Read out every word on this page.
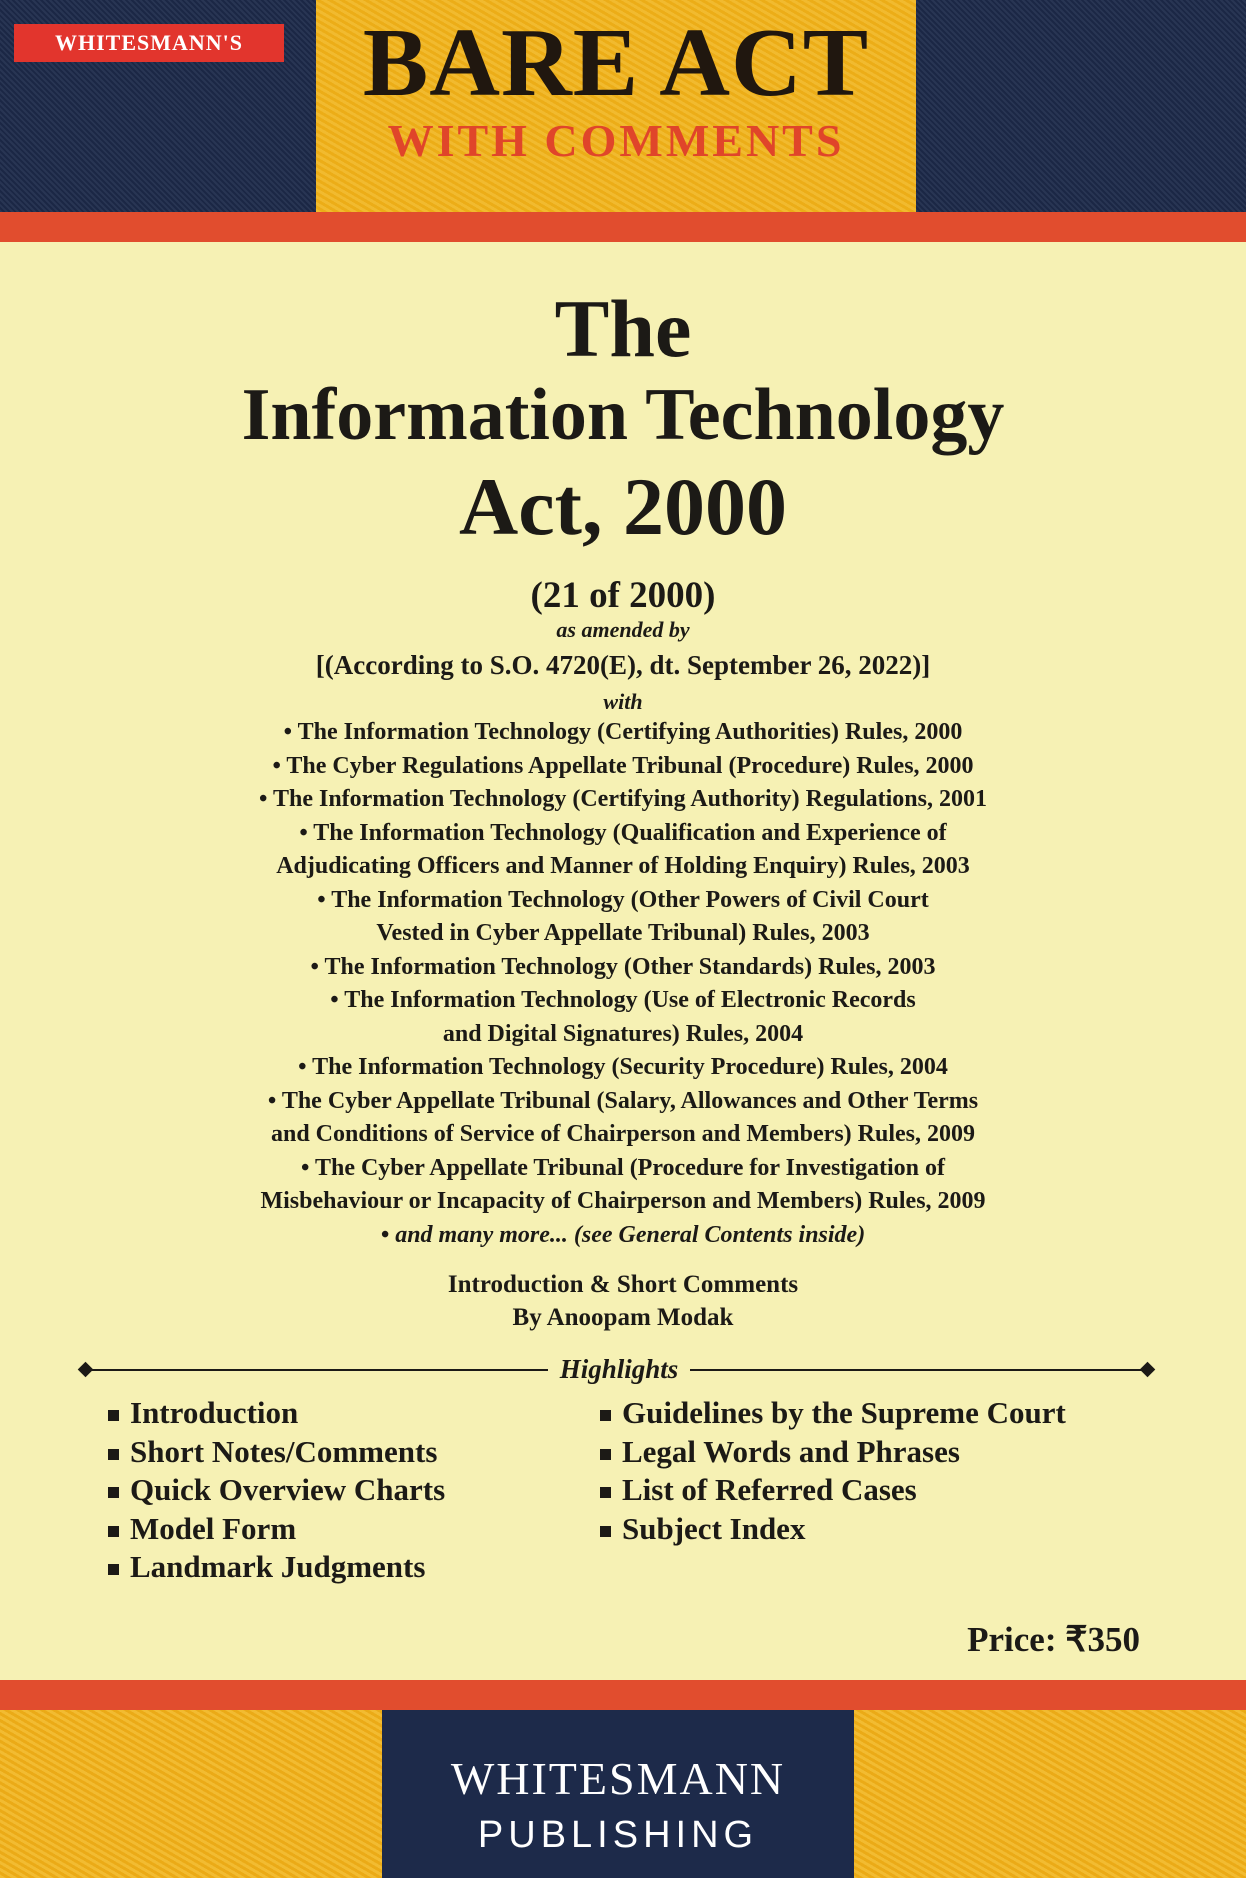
WHITESMANN'S	BARE ACT
WITH COMMENTS
The
Information Technology
Act, 2000
(21 of 2000)
as amended by
[(According to S.O. 4720(E), dt. September 26, 2022)]
with
• The Information Technology (Certifying Authorities) Rules, 2000
• The Cyber Regulations Appellate Tribunal (Procedure) Rules, 2000
• The Information Technology (Certifying Authority) Regulations, 2001
• The Information Technology (Qualification and Experience of
Adjudicating Officers and Manner of Holding Enquiry) Rules, 2003
• The Information Technology (Other Powers of Civil Court
Vested in Cyber Appellate Tribunal) Rules, 2003
• The Information Technology (Other Standards) Rules, 2003
• The Information Technology (Use of Electronic Records
and Digital Signatures) Rules, 2004
• The Information Technology (Security Procedure) Rules, 2004
• The Cyber Appellate Tribunal (Salary, Allowances and Other Terms
and Conditions of Service of Chairperson and Members) Rules, 2009
• The Cyber Appellate Tribunal (Procedure for Investigation of
Misbehaviour or Incapacity of Chairperson and Members) Rules, 2009
• and many more... (see General Contents inside)
Introduction & Short Comments
By Anoopam Modak
Highlights
Introduction
Short Notes/Comments
Quick Overview Charts
Model Form
Landmark Judgments
Guidelines by the Supreme Court
Legal Words and Phrases
List of Referred Cases
Subject Index
Price: ₹350
WHITESMANN
PUBLISHING
